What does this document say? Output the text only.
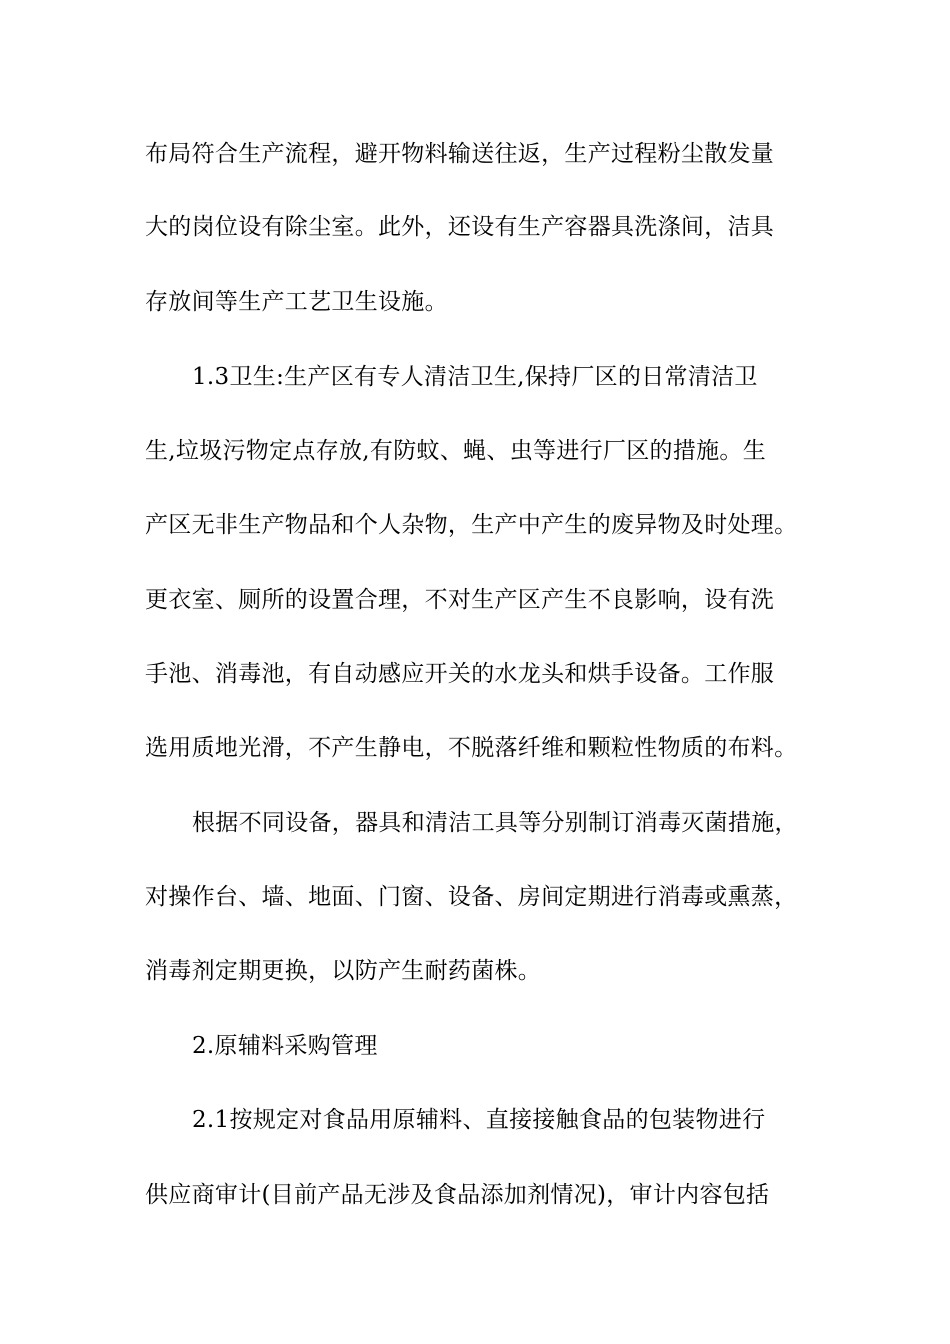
布局符合生产流程，避开物料输送往返，生产过程粉尘散发量
大的岗位设有除尘室。此外，还设有生产容器具洗涤间，洁具
存放间等生产工艺卫生设施。
1.3卫生:生产区有专人清洁卫生,保持厂区的日常清洁卫
生,垃圾污物定点存放,有防蚊、蝇、虫等进行厂区的措施。生
产区无非生产物品和个人杂物，生产中产生的废异物及时处理。
更衣室、厕所的设置合理，不对生产区产生不良影响，设有洗
手池、消毒池，有自动感应开关的水龙头和烘手设备。工作服
选用质地光滑，不产生静电，不脱落纤维和颗粒性物质的布料。
根据不同设备，器具和清洁工具等分别制订消毒灭菌措施，
对操作台、墙、地面、门窗、设备、房间定期进行消毒或熏蒸，
消毒剂定期更换，以防产生耐药菌株。
2.原辅料采购管理
2.1按规定对食品用原辅料、直接接触食品的包装物进行
供应商审计(目前产品无涉及食品添加剂情况)，审计内容包括
